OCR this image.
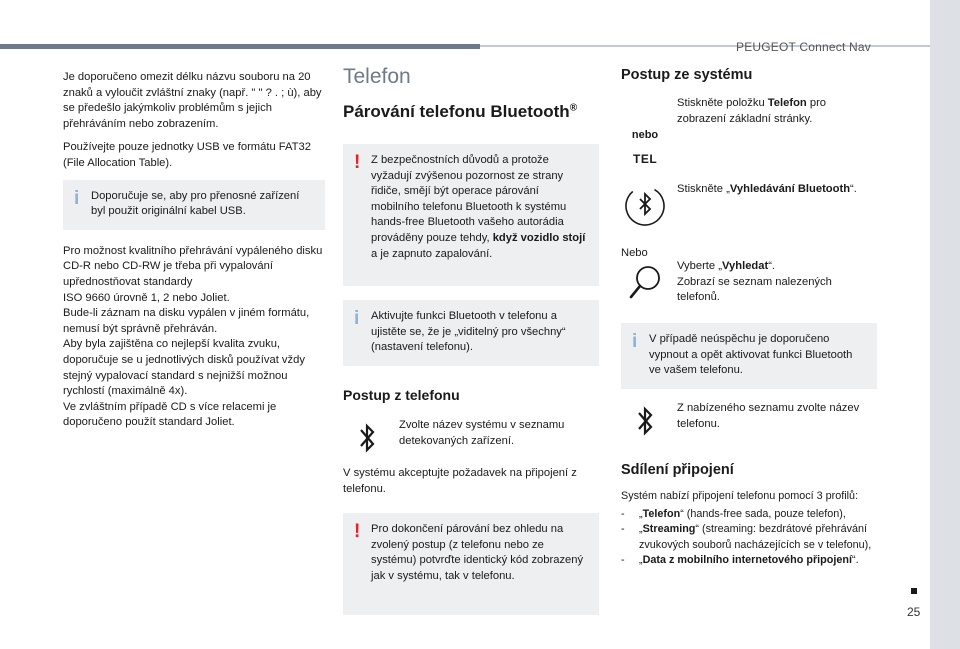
PEUGEOT Connect Nav
25

Je doporučeno omezit délku názvu souboru na 20 znaků a vyloučit zvláštní znaky (např. " " ? . ; ù), aby se předešlo jakýmkoliv problémům s jejich přehráváním nebo zobrazením.

Používejte pouze jednotky USB ve formátu FAT32 (File Allocation Table).

i Doporučuje se, aby pro přenosné zařízení byl použit originální kabel USB.

Pro možnost kvalitního přehrávání vypáleného disku CD-R nebo CD-RW je třeba při vypalování upřednostňovat standardy
ISO 9660 úrovně 1, 2 nebo Joliet.
Bude-li záznam na disku vypálen v jiném formátu, nemusí být správně přehráván.
Aby byla zajištěna co nejlepší kvalita zvuku, doporučuje se u jednotlivých disků používat vždy stejný vypalovací standard s nejnižší možnou rychlostí (maximálně 4x).
Ve zvláštním případě CD s více relacemi je doporučeno použít standard Joliet.

Telefon
Párování telefonu Bluetooth®
! Z bezpečnostních důvodů a protože vyžadují zvýšenou pozornost ze strany řidiče, smějí být operace párování mobilního telefonu Bluetooth k systému hands-free Bluetooth vašeho autorádia prováděny pouze tehdy, když vozidlo stojí a je zapnuto zapalování.
i Aktivujte funkci Bluetooth v telefonu a ujistěte se, že je „viditelný pro všechny“ (nastavení telefonu).
Postup z telefonu
Zvolte název systému v seznamu detekovaných zařízení.

V systému akceptujte požadavek na připojení z telefonu.

! Pro dokončení párování bez ohledu na zvolený postup (z telefonu nebo ze systému) potvrďte identický kód zobrazený jak v systému, tak v telefonu.
Postup ze systému
nebo
Stiskněte položku Telefon pro zobrazení základní stránky.
TEL
Stiskněte „Vyhledávání Bluetooth“.
Nebo
Vyberte „Vyhledat“.
Zobrazí se seznam nalezených telefonů.
i V případě neúspěchu je doporučeno vypnout a opět aktivovat funkci Bluetooth ve vašem telefonu.
Z nabízeného seznamu zvolte název telefonu.
Sdílení připojení

Systém nabízí připojení telefonu pomocí 3 profilů:

- „Telefon“ (hands-free sada, pouze telefon),
- „Streaming“ (streaming: bezdrátové přehrávání zvukových souborů nacházejících se v telefonu),
- „Data z mobilního internetového připojení“.
